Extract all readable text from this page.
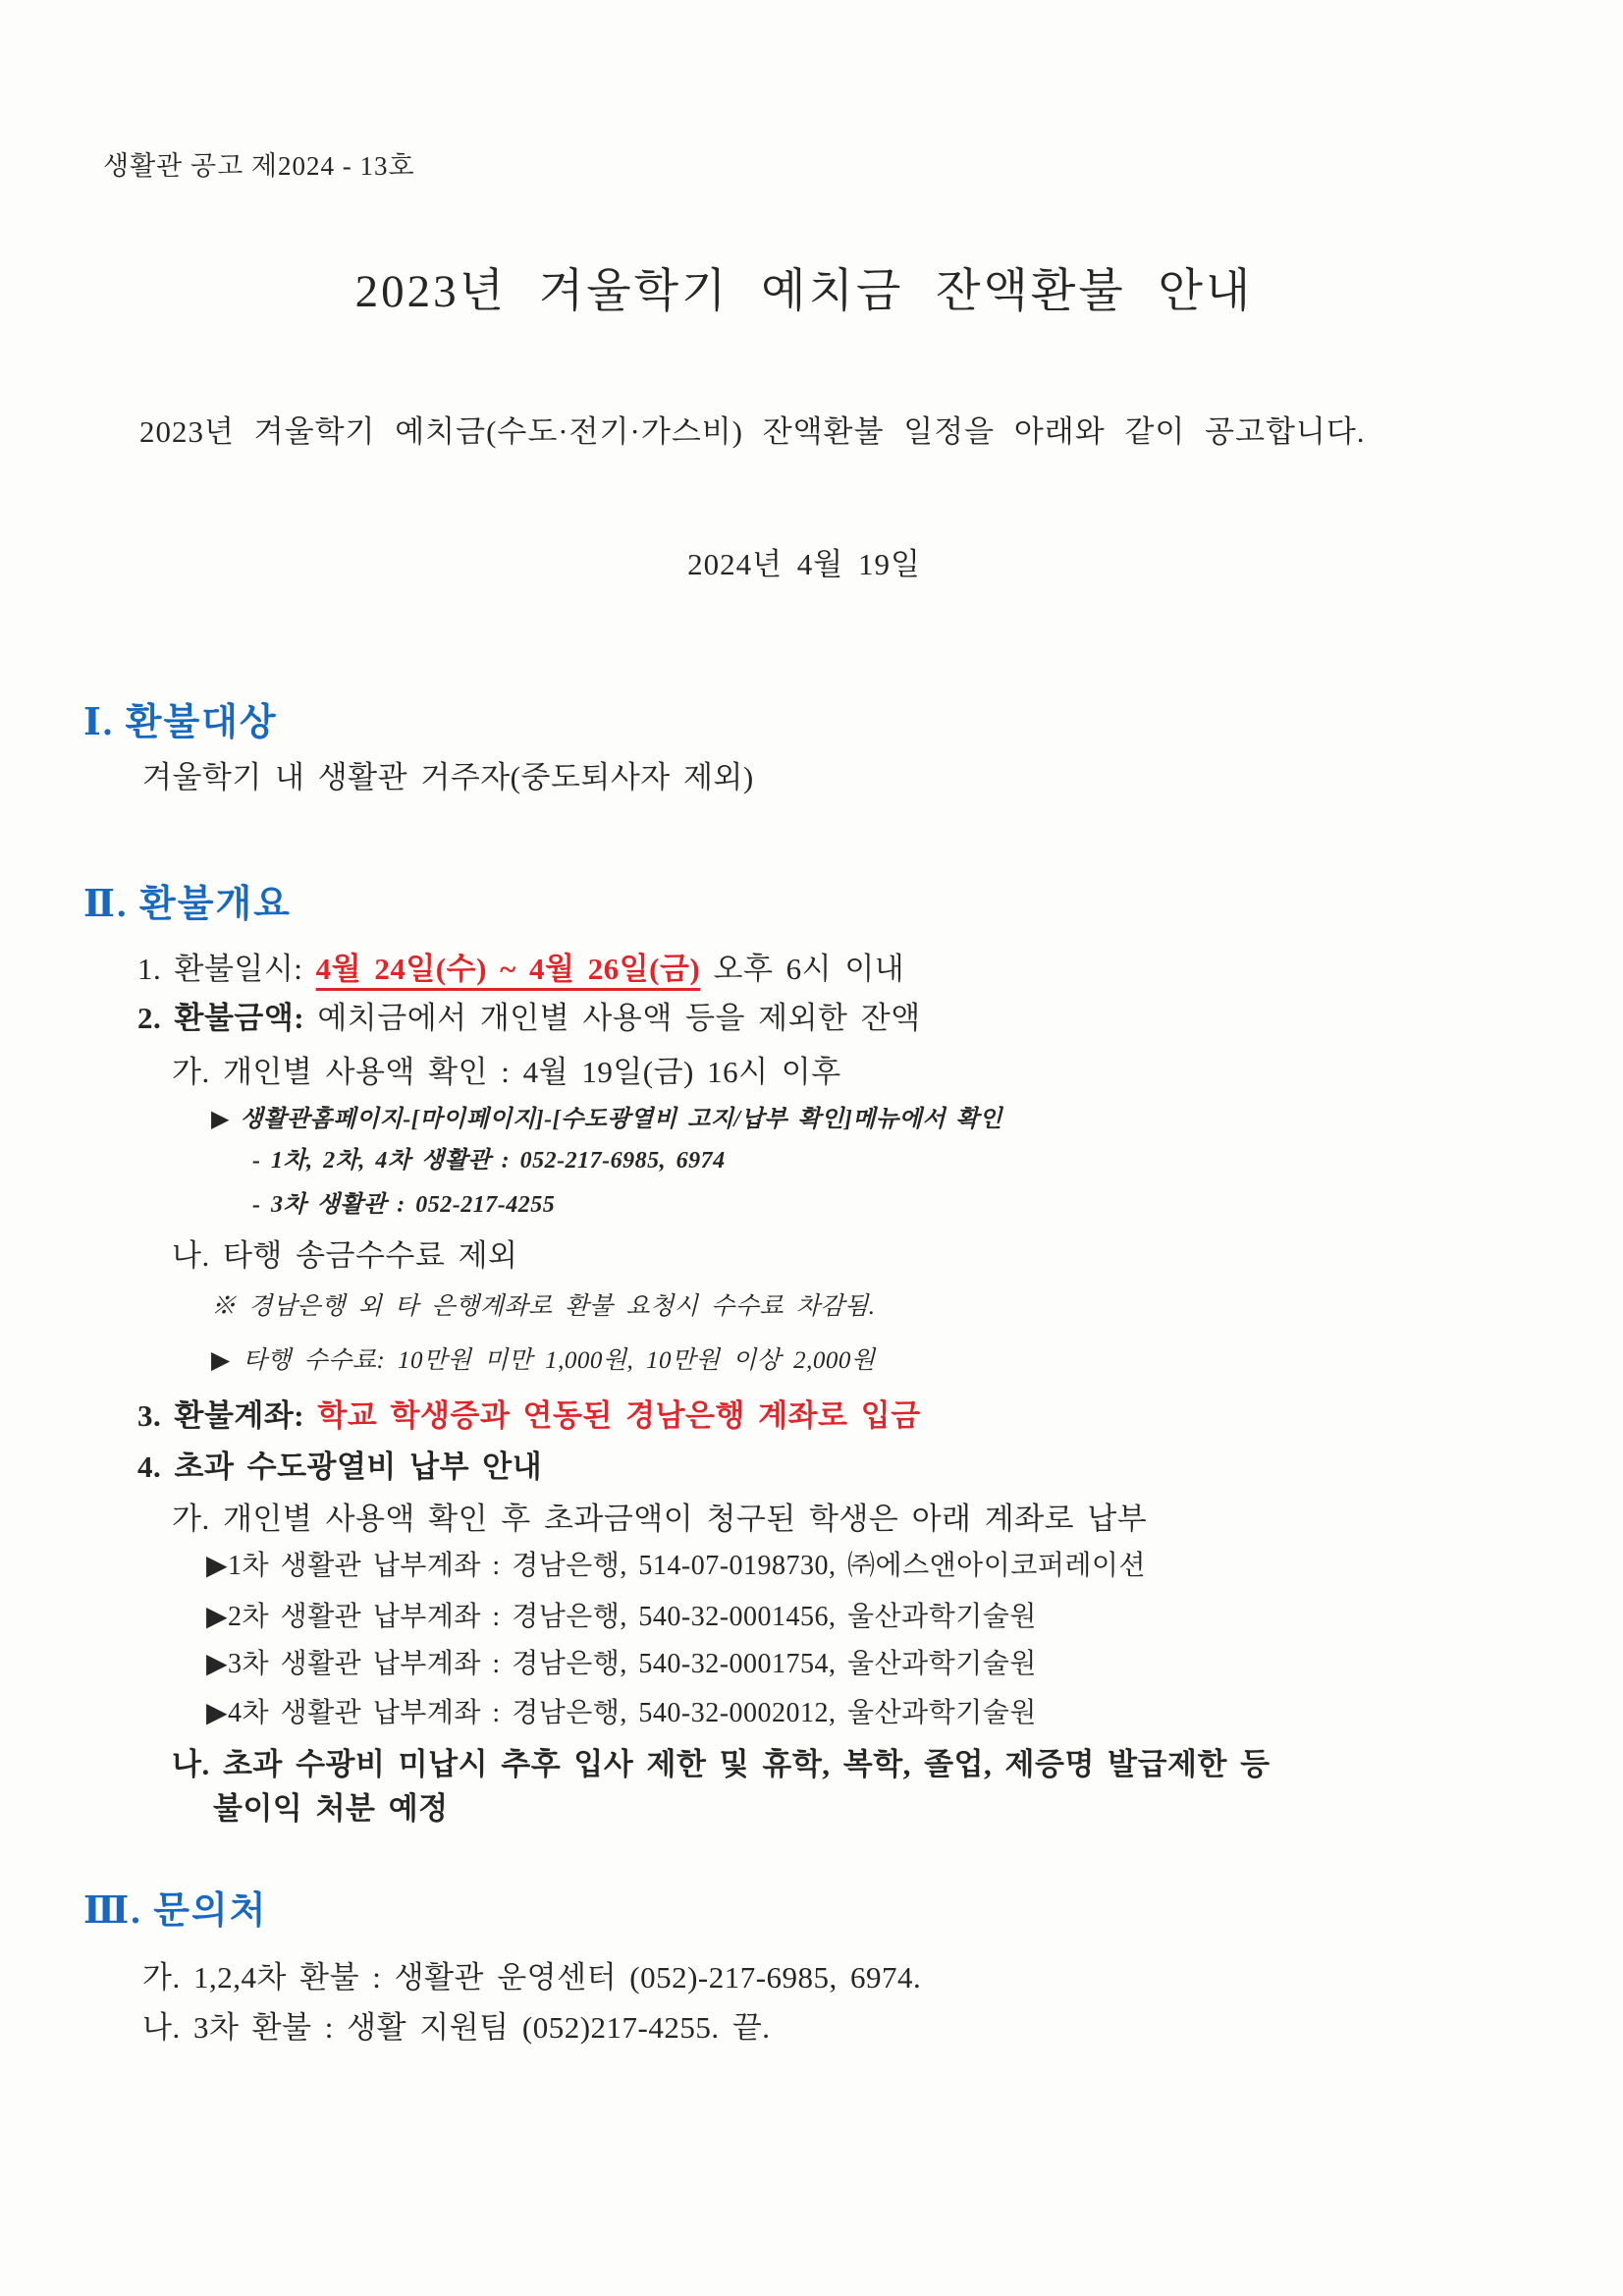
생활관 공고 제2024 - 13호
2023년 겨울학기 예치금 잔액환불 안내

2023년 겨울학기 예치금(수도·전기·가스비) 잔액환불 일정을 아래와 같이 공고합니다.

2024년 4월 19일
Ⅰ. 환불대상
겨울학기 내 생활관 거주자(중도퇴사자 제외)
Ⅱ. 환불개요
1. 환불일시: 4월 24일(수) ~ 4월 26일(금) 오후 6시 이내
2. 환불금액: 예치금에서 개인별 사용액 등을 제외한 잔액
가. 개인별 사용액 확인 : 4월 19일(금) 16시 이후
▶ 생활관홈페이지-[마이페이지]-[수도광열비 고지/납부 확인]메뉴에서 확인
- 1차, 2차, 4차 생활관 : 052-217-6985, 6974
- 3차 생활관 : 052-217-4255
나. 타행 송금수수료 제외
※ 경남은행 외 타 은행계좌로 환불 요청시 수수료 차감됨.
▶ 타행 수수료: 10만원 미만 1,000원, 10만원 이상 2,000원
3. 환불계좌: 학교 학생증과 연동된 경남은행 계좌로 입금
4. 초과 수도광열비 납부 안내
가. 개인별 사용액 확인 후 초과금액이 청구된 학생은 아래 계좌로 납부
▶1차 생활관 납부계좌 : 경남은행, 514-07-0198730, ㈜에스앤아이코퍼레이션
▶2차 생활관 납부계좌 : 경남은행, 540-32-0001456, 울산과학기술원
▶3차 생활관 납부계좌 : 경남은행, 540-32-0001754, 울산과학기술원
▶4차 생활관 납부계좌 : 경남은행, 540-32-0002012, 울산과학기술원
나. 초과 수광비 미납시 추후 입사 제한 및 휴학, 복학, 졸업, 제증명 발급제한 등
불이익 처분 예정
Ⅲ. 문의처
가. 1,2,4차 환불 : 생활관 운영센터 (052)-217-6985, 6974.
나. 3차 환불 : 생활 지원팀 (052)217-4255. 끝.
